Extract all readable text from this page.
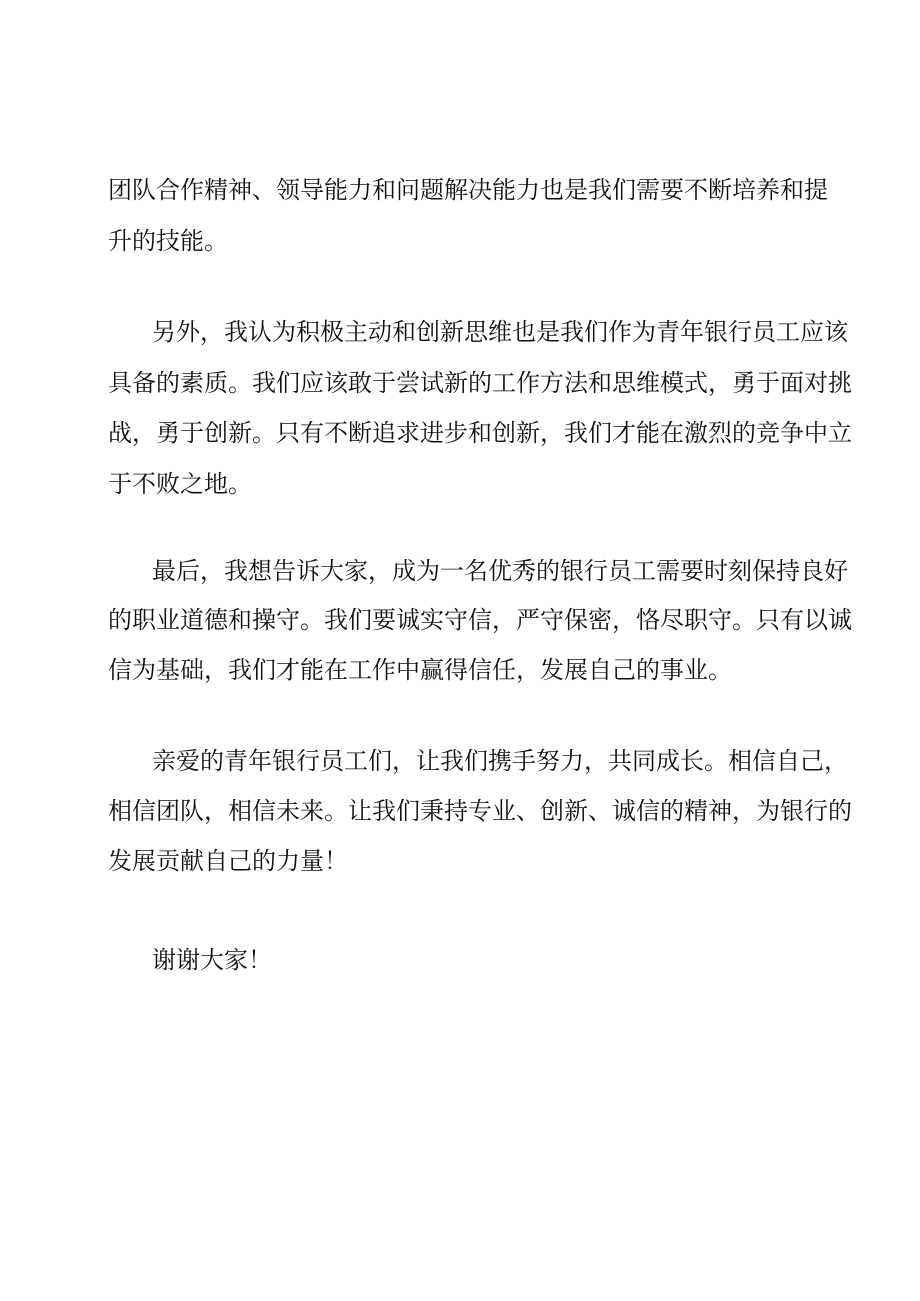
团队合作精神、领导能力和问题解决能力也是我们需要不断培养和提
升的技能。
另外，我认为积极主动和创新思维也是我们作为青年银行员工应该
具备的素质。我们应该敢于尝试新的工作方法和思维模式，勇于面对挑
战，勇于创新。只有不断追求进步和创新，我们才能在激烈的竞争中立
于不败之地。
最后，我想告诉大家，成为一名优秀的银行员工需要时刻保持良好
的职业道德和操守。我们要诚实守信，严守保密，恪尽职守。只有以诚
信为基础，我们才能在工作中赢得信任，发展自己的事业。
亲爱的青年银行员工们，让我们携手努力，共同成长。相信自己，
相信团队，相信未来。让我们秉持专业、创新、诚信的精神，为银行的
发展贡献自己的力量！
谢谢大家！
